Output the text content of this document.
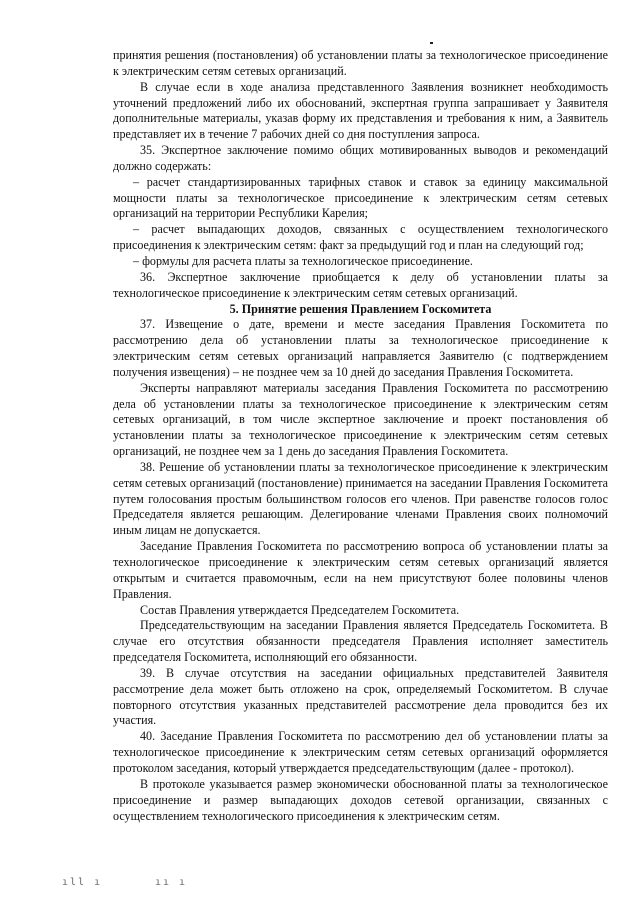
принятия решения (постановления) об установлении платы за технологическое присоединение к электрическим сетям сетевых организаций.

В случае если в ходе анализа представленного Заявления возникнет необходимость уточнений предложений либо их обоснований, экспертная группа запрашивает у Заявителя дополнительные материалы, указав форму их представления и требования к ним, а Заявитель представляет их в течение 7 рабочих дней со дня поступления запроса.

35. Экспертное заключение помимо общих мотивированных выводов и рекомендаций должно содержать:

– расчет стандартизированных тарифных ставок и ставок за единицу максимальной мощности платы за технологическое присоединение к электрическим сетям сетевых организаций на территории Республики Карелия;

– расчет выпадающих доходов, связанных с осуществлением технологического присоединения к электрическим сетям: факт за предыдущий год и план на следующий год;

– формулы для расчета платы за технологическое присоединение.

36. Экспертное заключение приобщается к делу об установлении платы за технологическое присоединение к электрическим сетям сетевых организаций.

5. Принятие решения Правлением Госкомитета

37. Извещение о дате, времени и месте заседания Правления Госкомитета по рассмотрению дела об установлении платы за технологическое присоединение к электрическим сетям сетевых организаций направляется Заявителю (с подтверждением получения извещения) – не позднее чем за 10 дней до заседания Правления Госкомитета.

Эксперты направляют материалы заседания Правления Госкомитета по рассмотрению дела об установлении платы за технологическое присоединение к электрическим сетям сетевых организаций, в том числе экспертное заключение и проект постановления об установлении платы за технологическое присоединение к электрическим сетям сетевых организаций, не позднее чем за 1 день до заседания Правления Госкомитета.

38. Решение об установлении платы за технологическое присоединение к электрическим сетям сетевых организаций (постановление) принимается на заседании Правления Госкомитета путем голосования простым большинством голосов его членов. При равенстве голосов голос Председателя является решающим. Делегирование членами Правления своих полномочий иным лицам не допускается.

Заседание Правления Госкомитета по рассмотрению вопроса об установлении платы за технологическое присоединение к электрическим сетям сетевых организаций является открытым и считается правомочным, если на нем присутствуют более половины членов Правления.

Состав Правления утверждается Председателем Госкомитета.

Председательствующим на заседании Правления является Председатель Госкомитета. В случае его отсутствия обязанности председателя Правления исполняет заместитель председателя Госкомитета, исполняющий его обязанности.

39. В случае отсутствия на заседании официальных представителей Заявителя рассмотрение дела может быть отложено на срок, определяемый Госкомитетом. В случае повторного отсутствия указанных представителей рассмотрение дела проводится без их участия.

40. Заседание Правления Госкомитета по рассмотрению дел об установлении платы за технологическое присоединение к электрическим сетям сетевых организаций оформляется протоколом заседания, который утверждается председательствующим (далее - протокол).

В протоколе указывается размер экономически обоснованной платы за технологическое присоединение и размер выпадающих доходов сетевой организации, связанных с осуществлением технологического присоединения к электрическим сетям.

ıll ı	ıı ı
